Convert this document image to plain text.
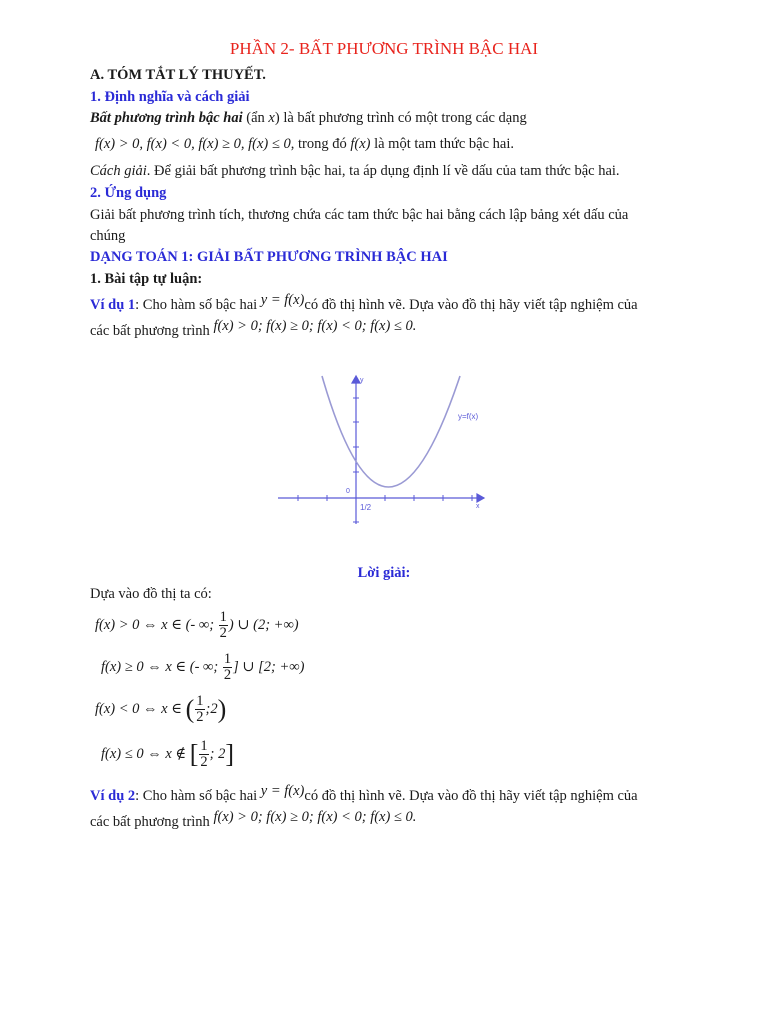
PHẦN 2- BẤT PHƯƠNG TRÌNH BẬC HAI
A. TÓM TẮT LÝ THUYẾT.
1. Định nghĩa và cách giải
Bất phương trình bậc hai (ẩn x) là bất phương trình có một trong các dạng
f(x) > 0, f(x) < 0, f(x) ≥ 0, f(x) ≤ 0, trong đó f(x) là một tam thức bậc hai.
Cách giải. Để giải bất phương trình bậc hai, ta áp dụng định lí về dấu của tam thức bậc hai.
2. Ứng dụng
Giải bất phương trình tích, thương chứa các tam thức bậc hai bằng cách lập bảng xét dấu của
chúng
DẠNG TOÁN 1: GIẢI BẤT PHƯƠNG TRÌNH BẬC HAI
1. Bài tập tự luận:
Ví dụ 1: Cho hàm số bậc hai y = f(x)có đồ thị hình vẽ. Dựa vào đồ thị hãy viết tập nghiệm của
các bất phương trình f(x) > 0; f(x) ≥ 0; f(x) < 0; f(x) ≤ 0.
y
x
0
1/2
y=f(x)
Lời giải:
Dựa vào đồ thị ta có:
f(x) > 0 ⇔ x ∈ (- ∞; $\frac{1}{2}$ ) ∪ (2; +∞)
f(x) ≥ 0 ⇔ x ∈ (- ∞; $\frac{1}{2}$ ] ∪ [2; +∞)
f(x) < 0 ⇔ x ∈ ( $\frac{1}{2}$ ;2)
f(x) ≤ 0 ⇔ x ∉ [ $\frac{1}{2}$ ; 2]
Ví dụ 2: Cho hàm số bậc hai y = f(x)có đồ thị hình vẽ. Dựa vào đồ thị hãy viết tập nghiệm của
các bất phương trình f(x) > 0; f(x) ≥ 0; f(x) < 0; f(x) ≤ 0.
